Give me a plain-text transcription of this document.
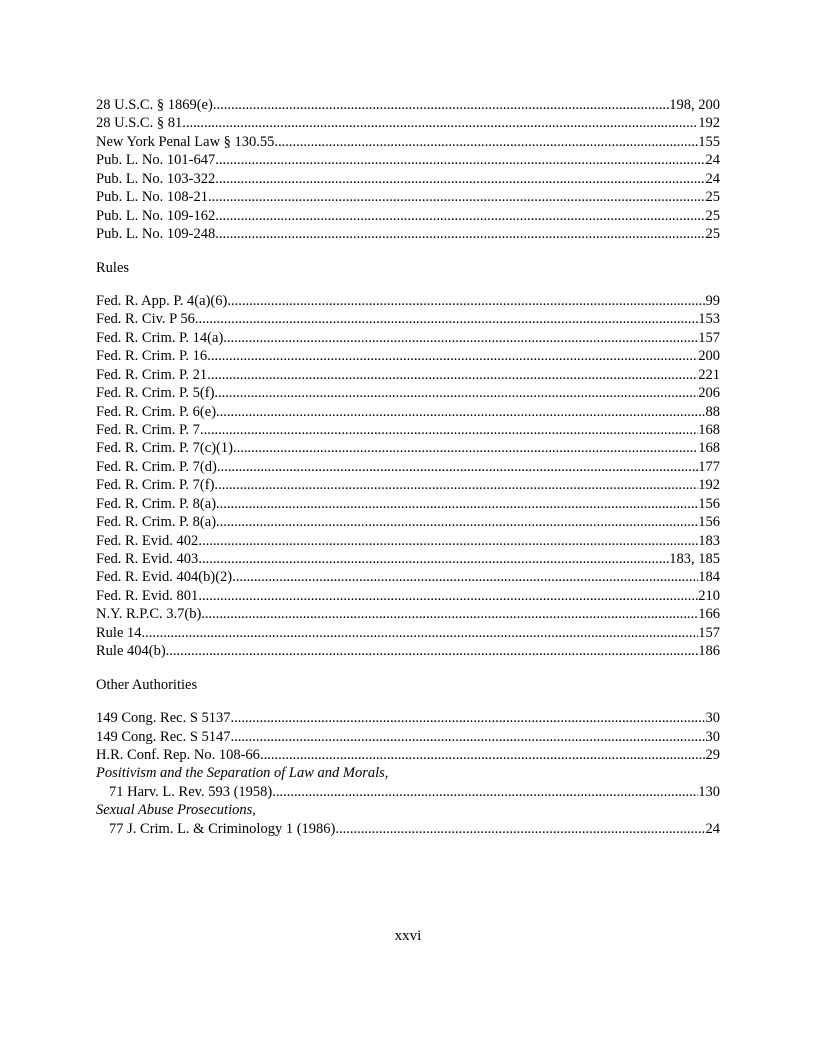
28 U.S.C. § 1869(e) .....	198, 200
28 U.S.C. § 81 .....	192
New York Penal Law § 130.55 .....	155
Pub. L. No. 101-647 .....	24
Pub. L. No. 103-322 .....	24
Pub. L. No. 108-21 .....	25
Pub. L. No. 109-162 .....	25
Pub. L. No. 109-248 .....	25
Rules
Fed. R. App. P. 4(a)(6) .....	99
Fed. R. Civ. P 56 .....	153
Fed. R. Crim. P. 14(a) .....	157
Fed. R. Crim. P. 16 .....	200
Fed. R. Crim. P. 21 .....	221
Fed. R. Crim. P. 5(f) .....	206
Fed. R. Crim. P. 6(e) .....	88
Fed. R. Crim. P. 7 .....	168
Fed. R. Crim. P. 7(c)(1) .....	168
Fed. R. Crim. P. 7(d) .....	177
Fed. R. Crim. P. 7(f) .....	192
Fed. R. Crim. P. 8(a) .....	156
Fed. R. Crim. P. 8(a) .....	156
Fed. R. Evid. 402 .....	183
Fed. R. Evid. 403 .....	183, 185
Fed. R. Evid. 404(b)(2) .....	184
Fed. R. Evid. 801 .....	210
N.Y. R.P.C. 3.7(b) .....	166
Rule 14 .....	157
Rule 404(b) .....	186
Other Authorities
149 Cong. Rec. S 5137 .....	30
149 Cong. Rec. S 5147 .....	30
H.R. Conf. Rep. No. 108-66 .....	29
Positivism and the Separation of Law and Morals,
71 Harv. L. Rev. 593 (1958) .....	130
Sexual Abuse Prosecutions,
77 J. Crim. L. & Criminology 1 (1986) .....	24
xxvi
